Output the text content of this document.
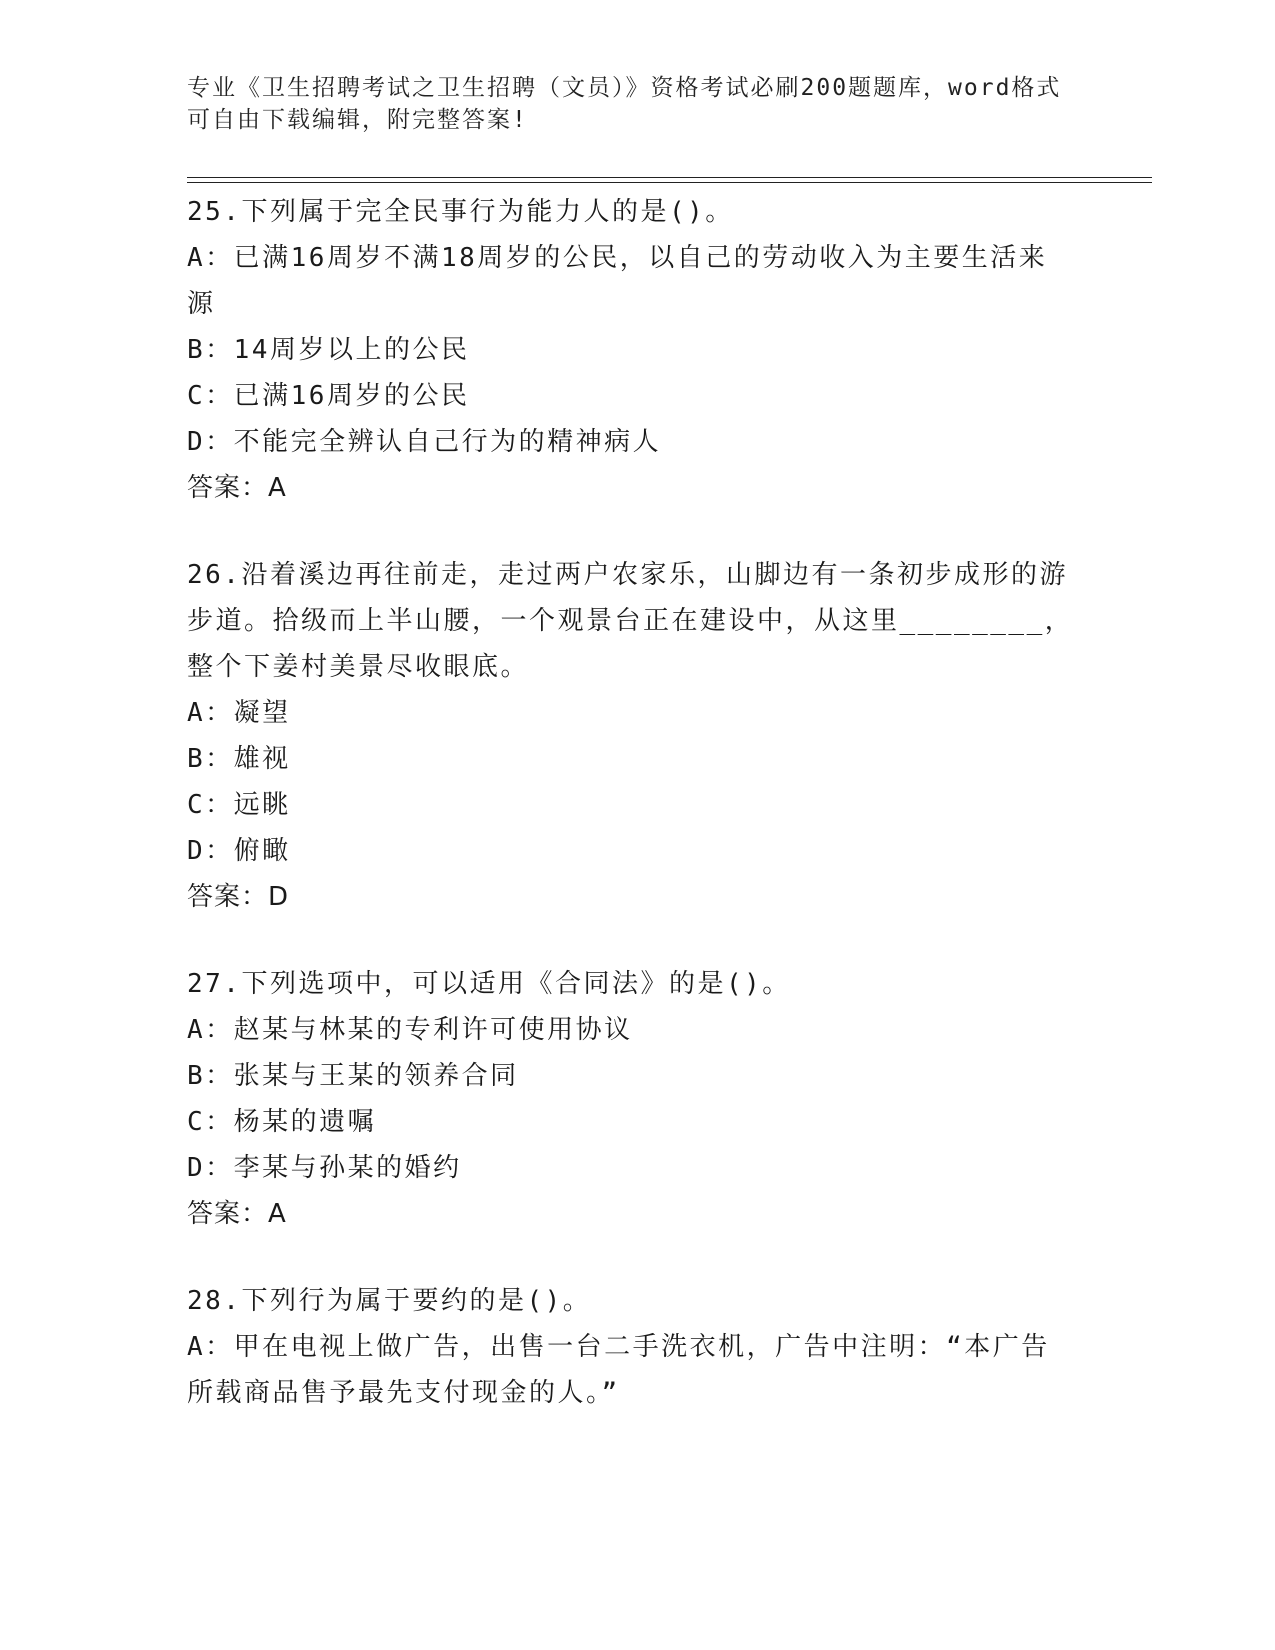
专业《卫生招聘考试之卫生招聘（文员）》资格考试必刷200题题库，word格式
可自由下载编辑，附完整答案!
25.下列属于完全民事行为能力人的是()。
A：已满16周岁不满18周岁的公民，以自己的劳动收入为主要生活来
源
B：14周岁以上的公民
C：已满16周岁的公民
D：不能完全辨认自己行为的精神病人
答案：A
26.沿着溪边再往前走，走过两户农家乐，山脚边有一条初步成形的游
步道。拾级而上半山腰，一个观景台正在建设中，从这里________，
整个下姜村美景尽收眼底。
A：凝望
B：雄视
C：远眺
D：俯瞰
答案：D
27.下列选项中，可以适用《合同法》的是()。
A：赵某与林某的专利许可使用协议
B：张某与王某的领养合同
C：杨某的遗嘱
D：李某与孙某的婚约
答案：A
28.下列行为属于要约的是()。
A：甲在电视上做广告，出售一台二手洗衣机，广告中注明：“本广告
所载商品售予最先支付现金的人。”
